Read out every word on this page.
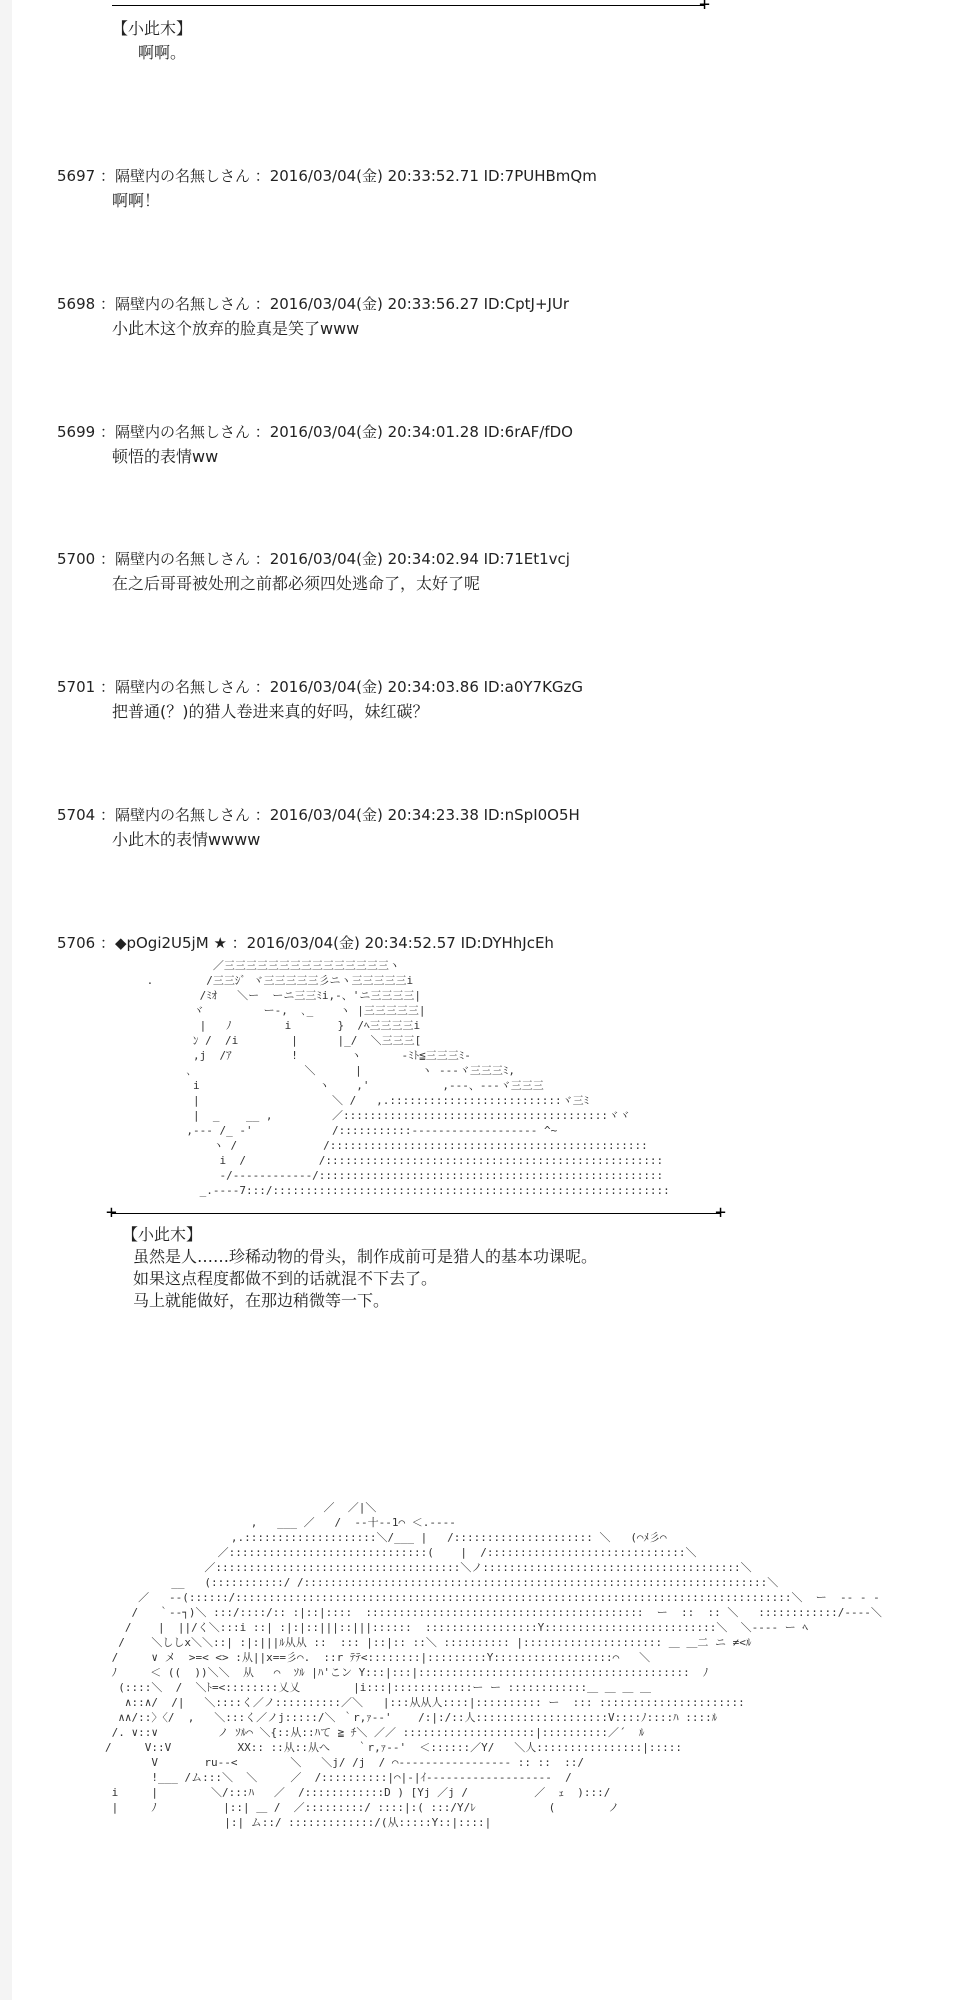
+
【小此木】
啊啊。
5697 ：隔壁内の名無しさん ：2016/03/04(金) 20:33:52.71 ID:7PUHBmQm
啊啊！
5698 ：隔壁内の名無しさん ：2016/03/04(金) 20:33:56.27 ID:CptJ+JUr
小此木这个放弃的脸真是笑了www
5699 ：隔壁内の名無しさん ：2016/03/04(金) 20:34:01.28 ID:6rAF/fDO
顿悟的表情ww
5700 ：隔壁内の名無しさん ：2016/03/04(金) 20:34:02.94 ID:71Et1vcj
在之后哥哥被处刑之前都必须四处逃命了，太好了呢
5701 ：隔壁内の名無しさん ：2016/03/04(金) 20:34:03.86 ID:a0Y7KGzG
把普通(？)的猎人卷进来真的好吗，妹红碳？
5704 ：隔壁内の名無しさん ：2016/03/04(金) 20:34:23.38 ID:nSpI0O5H
小此木的表情wwww
5706 ：◆pOgi2U5jM ★ ：2016/03/04(金) 20:34:52.57 ID:DYHhJcEh
／三三三三三三三三三三三三三三三ヽ
.        /三三ｼﾞ ヾ三三三三三彡ニヽ三三三三三i
/ﾐｵ   ＼ー  ーニ三三ﾐi,-、'ニ三三三三|
ヾ         ー‐,  ､_    ヽ |三三三三三|
|   ﾉ        i       }  /ﾍ三三三三i
ﾝ /  /i        |      |_/  ＼三三三[
,j  /ｱ         !        ヽ      -ﾐﾄ≦三三三ﾐ-
､                 ＼      |         ヽ ‐‐‐ヾ三三三ﾐ,
i                  ヽ    ,'           ,-‐‐、‐‐‐ヾ三三三
|                    ＼ /   ,.::::::::::::::::::::::::::ヾ三ﾐ
|  _    __ ,         ／::::::::::::::::::::::::::::::::::::::::ヾヾ
,‐‐‐ /_ -'            /:::::::::::--‐‐‐‐‐‐‐‐‐‐‐‐‐‐‐‐‐ ^~
ヽ /             /::::::::::::::::::::::::::::::::::::::::::::::::
i  /           /:::::::::::::::::::::::::::::::::::::::::::::::::::
-/‐‐‐‐‐‐‐‐‐‐‐‐/::::::::::::::::::::::::::::::::::::::::::::::::::::
_.-‐‐‐7:::/::::::::::::::::::::::::::::::::::::::::::::::::::::::::::::
+ +
【小此木】
虽然是人……珍稀动物的骨头，制作成前可是猎人的基本功课呢。
如果这点程度都做不到的话就混不下去了。
马上就能做好，在那边稍微等一下。
／  ／|＼
,   ___ ／   /  ‐‐十‐‐1⌒ ＜.‐‐‐‐
,.::::::::::::::::::::＼/___ |   /::::::::::::::::::::: ＼   (⌒ﾒ彡⌒
／::::::::::::::::::::::::::::::(    |  /::::::::::::::::::::::::::::::＼
／:::::::::::::::::::::::::::::::::::::＼ノ:::::::::::::::::::::::::::::::::::::::＼
__   (:::::::::::/ /::::::::::::::::::::::::::::::::::::::::::::::::::::::::::::::::::::::＼
／   ‐‐(::::::/::::::::::::::::::::::::::::::::::::::::::::::::::::::::::::::::::::::::::::::::::::＼  ー  ‐‐ ‐ ‐
/   ｀-‐┐)＼ :::/::::/:: :|::|::::  ::::::::::::::::::::::::::::::::::::::::::  ー  ::  :: ＼   ::::::::::::/‐‐‐‐＼
/    |  ||/く＼:::i ::| :|:|::|||::|||::::::  :::::::::::::::::Y::::::::::::::::::::::::::＼  ＼‐‐‐‐ ー ﾍ
/    ＼ししx＼＼::| :|:|||ﾙ从从 ::  ::: |::|:: ::＼ :::::::::: |::::::::::::::::::::: ＿ ＿二 ニ ≠<ﾙ
/     ∨ メ  >=< <> :从||x==彡⌒.  ::r ﾃﾃ<::::::::|:::::::::Y::::::::::::::::::⌒   ＼
ﾉ     ＜ ((  ))＼＼  从   ⌒  ｿﾙ |ﾊ'こン Y:::|:::|:::::::::::::::::::::::::::::::::::::::::  ﾉ
(::::＼  /  ＼ﾄ=<::::::::乂乂        |i:::|::::::::::::ー ー ::::::::::::＿ ＿ ＿ ＿
∧::∧/  /|   ＼::::く／ノ::::::::::／＼   |:::从从人::::|:::::::::: ー  ::: ::::::::::::::::::::::
∧∧/::〉〈/  ,   ＼:::く／ノj:::::/＼ ｀r,ｧ‐‐'    /:|:/::人::::::::::::::::::::V::::ﾉ::::ﾊ ::::ﾙ
/. ∨::∨         ノ ｿﾙ⌒ ＼{::从::ﾊて ≧ ﾁ＼ ／／ ::::::::::::::::::::|::::::::::／´  ﾙ
/     V::V          XX:: ::从::从へ    ｀r,ｧ‐‐'  ＜::::::／Y/   ＼人::::::::::::::::|:::::
V       ru‐‐<        ＼   ＼j/ /j  / ⌒‐‐‐‐‐‐‐‐‐‐‐‐‐‐‐‐‐ :: ::  ::/
!___ /ム:::＼  ＼     ／  /::::::::::|⌒|‐|ｲ‐‐‐‐‐‐‐‐‐‐‐‐‐‐‐‐‐‐‐  /
i     |        ＼/:::ﾊ   ／  /::::::::::::D ) [Yj ／j /          ／  ｪ  ):::/
|     ﾉ          |::| ＿ /  ／:::::::::/ ::::|:( :::/Y/ﾚ           (        ノ
|:| ム::/ :::::::::::::/(从:::::Y::|::::|
